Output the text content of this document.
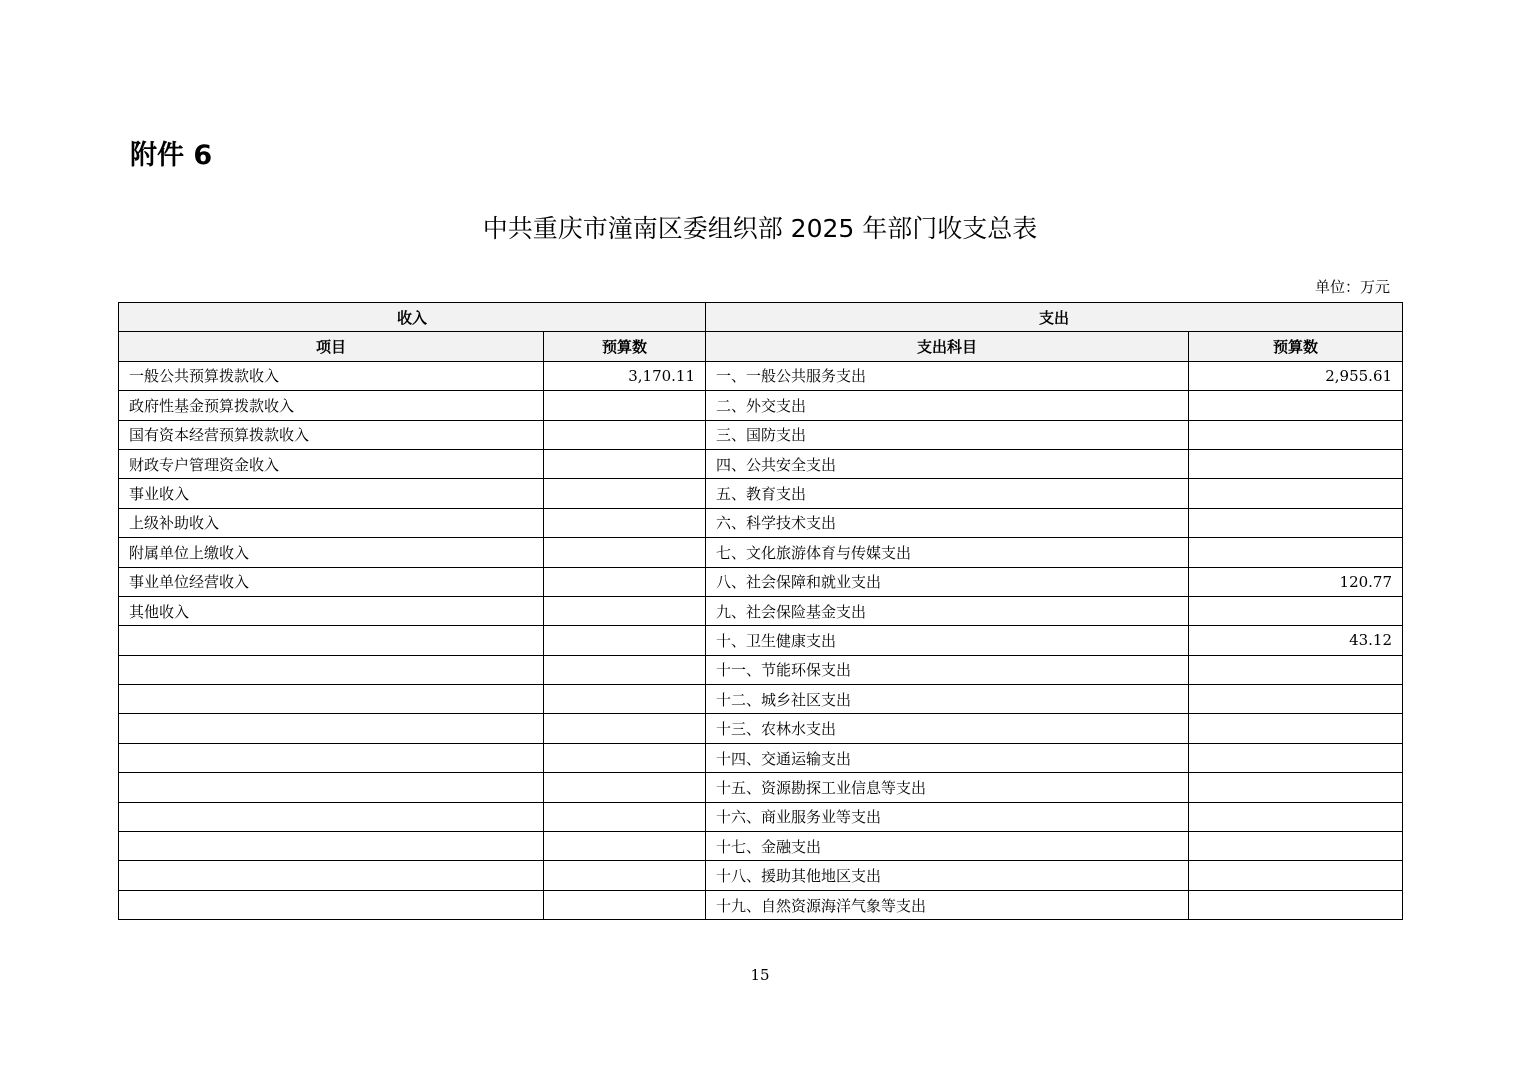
附件 6
中共重庆市潼南区委组织部 2025 年部门收支总表
单位：万元
收入		支出	
项目	预算数	支出科目	预算数
一般公共预算拨款收入	3,170.11	一、一般公共服务支出	2,955.61
政府性基金预算拨款收入		二、外交支出	
国有资本经营预算拨款收入		三、国防支出	
财政专户管理资金收入		四、公共安全支出	
事业收入		五、教育支出	
上级补助收入		六、科学技术支出	
附属单位上缴收入		七、文化旅游体育与传媒支出	
事业单位经营收入		八、社会保障和就业支出	120.77
其他收入		九、社会保险基金支出	
		十、卫生健康支出	43.12
		十一、节能环保支出	
		十二、城乡社区支出	
		十三、农林水支出	
		十四、交通运输支出	
		十五、资源勘探工业信息等支出	
		十六、商业服务业等支出	
		十七、金融支出	
		十八、援助其他地区支出	
		十九、自然资源海洋气象等支出	
15
